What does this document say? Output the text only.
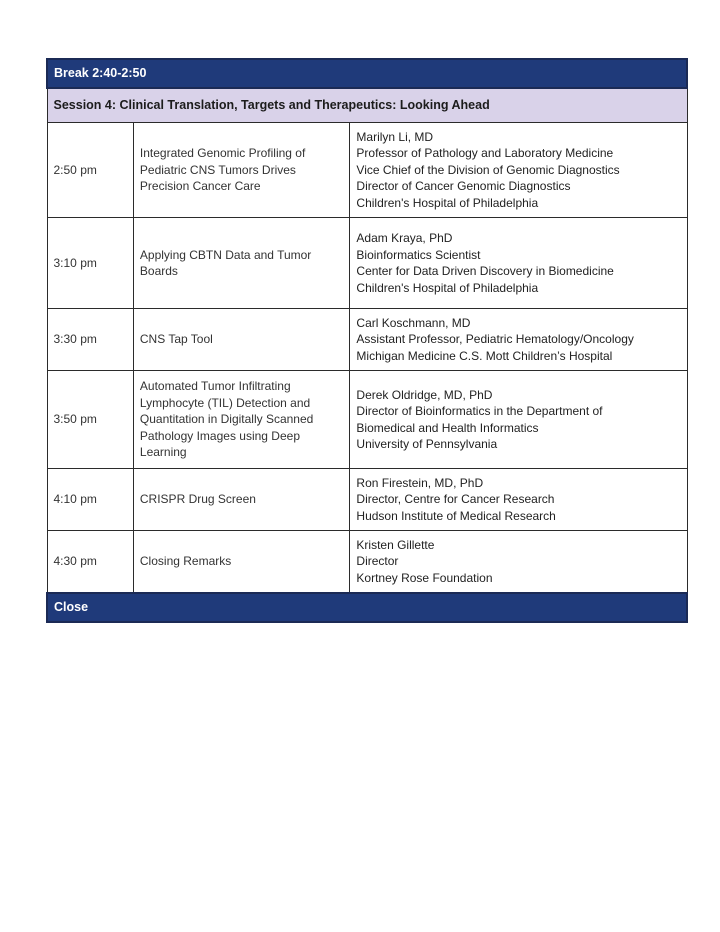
Break 2:40-2:50		
Session 4: Clinical Translation, Targets and Therapeutics: Looking Ahead		
2:50 pm	Integrated Genomic Profiling of Pediatric CNS Tumors Drives Precision Cancer Care	Marilyn Li, MD
Professor of Pathology and Laboratory Medicine
Vice Chief of the Division of Genomic Diagnostics
Director of Cancer Genomic Diagnostics
Children's Hospital of Philadelphia

3:10 pm	Applying CBTN Data and Tumor Boards	Adam Kraya, PhD
Bioinformatics Scientist
Center for Data Driven Discovery in Biomedicine
Children's Hospital of Philadelphia

3:30 pm	CNS Tap Tool	Carl Koschmann, MD
Assistant Professor, Pediatric Hematology/Oncology
Michigan Medicine C.S. Mott Children’s Hospital

3:50 pm	Automated Tumor Infiltrating Lymphocyte (TIL) Detection and Quantitation in Digitally Scanned Pathology Images using Deep Learning	Derek Oldridge, MD, PhD
Director of Bioinformatics in the Department of
Biomedical and Health Informatics
University of Pennsylvania

4:10 pm	CRISPR Drug Screen	Ron Firestein, MD, PhD
Director, Centre for Cancer Research
Hudson Institute of Medical Research

4:30 pm	Closing Remarks	Kristen Gillette
Director
Kortney Rose Foundation

Close		
